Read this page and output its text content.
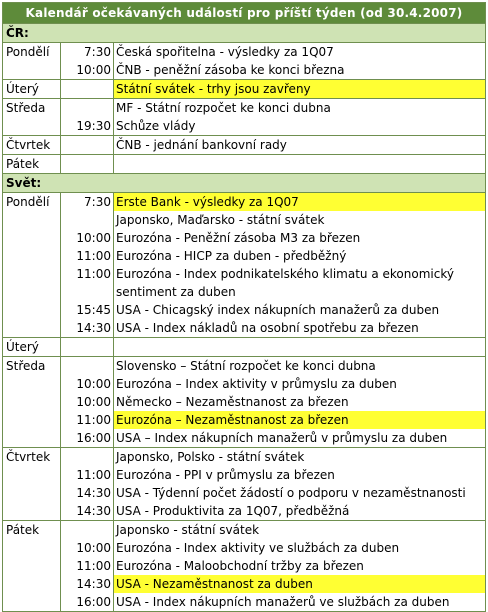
Kalendář očekávaných událostí pro příští týden (od 30.4.2007)
ČR:
Pondělí	7:30 Česká spořitelna - výsledky za 1Q07
10:00 ČNB - peněžní zásoba ke konci března
Úterý	Státní svátek - trhy jsou zavřeny
Středa	MF - Státní rozpočet ke konci dubna
19:30 Schůze vlády
Čtvrtek	ČNB - jednání bankovní rady
Pátek
Svět:
Pondělí	7:30 Erste Bank - výsledky za 1Q07
Japonsko, Maďarsko - státní svátek
10:00 Eurozóna - Peněžní zásoba M3 za březen
11:00 Eurozóna - HICP za duben - předběžný
11:00 Eurozóna - Index podnikatelského klimatu a ekonomický sentiment za duben
15:45 USA - Chicagský index nákupních manažerů za duben
14:30 USA - Index nákladů na osobní spotřebu za březen
Úterý
Středa	Slovensko – Státní rozpočet ke konci dubna
10:00 Eurozóna – Index aktivity v průmyslu za duben
10:00 Německo – Nezaměstnanost za březen
11:00 Eurozóna – Nezaměstnanost za březen
16:00 USA – Index nákupních manažerů v průmyslu za duben
Čtvrtek	Japonsko, Polsko - státní svátek
11:00 Eurozóna - PPI v průmyslu za březen
14:30 USA - Týdenní počet žádostí o podporu v nezaměstnanosti
14:30 USA - Produktivita za 1Q07, předběžná
Pátek	Japonsko - státní svátek
10:00 Eurozóna - Index aktivity ve službách za duben
11:00 Eurozóna - Maloobchodní tržby za březen
14:30 USA - Nezaměstnanost za duben
16:00 USA - Index nákupních manažerů ve službách za duben
